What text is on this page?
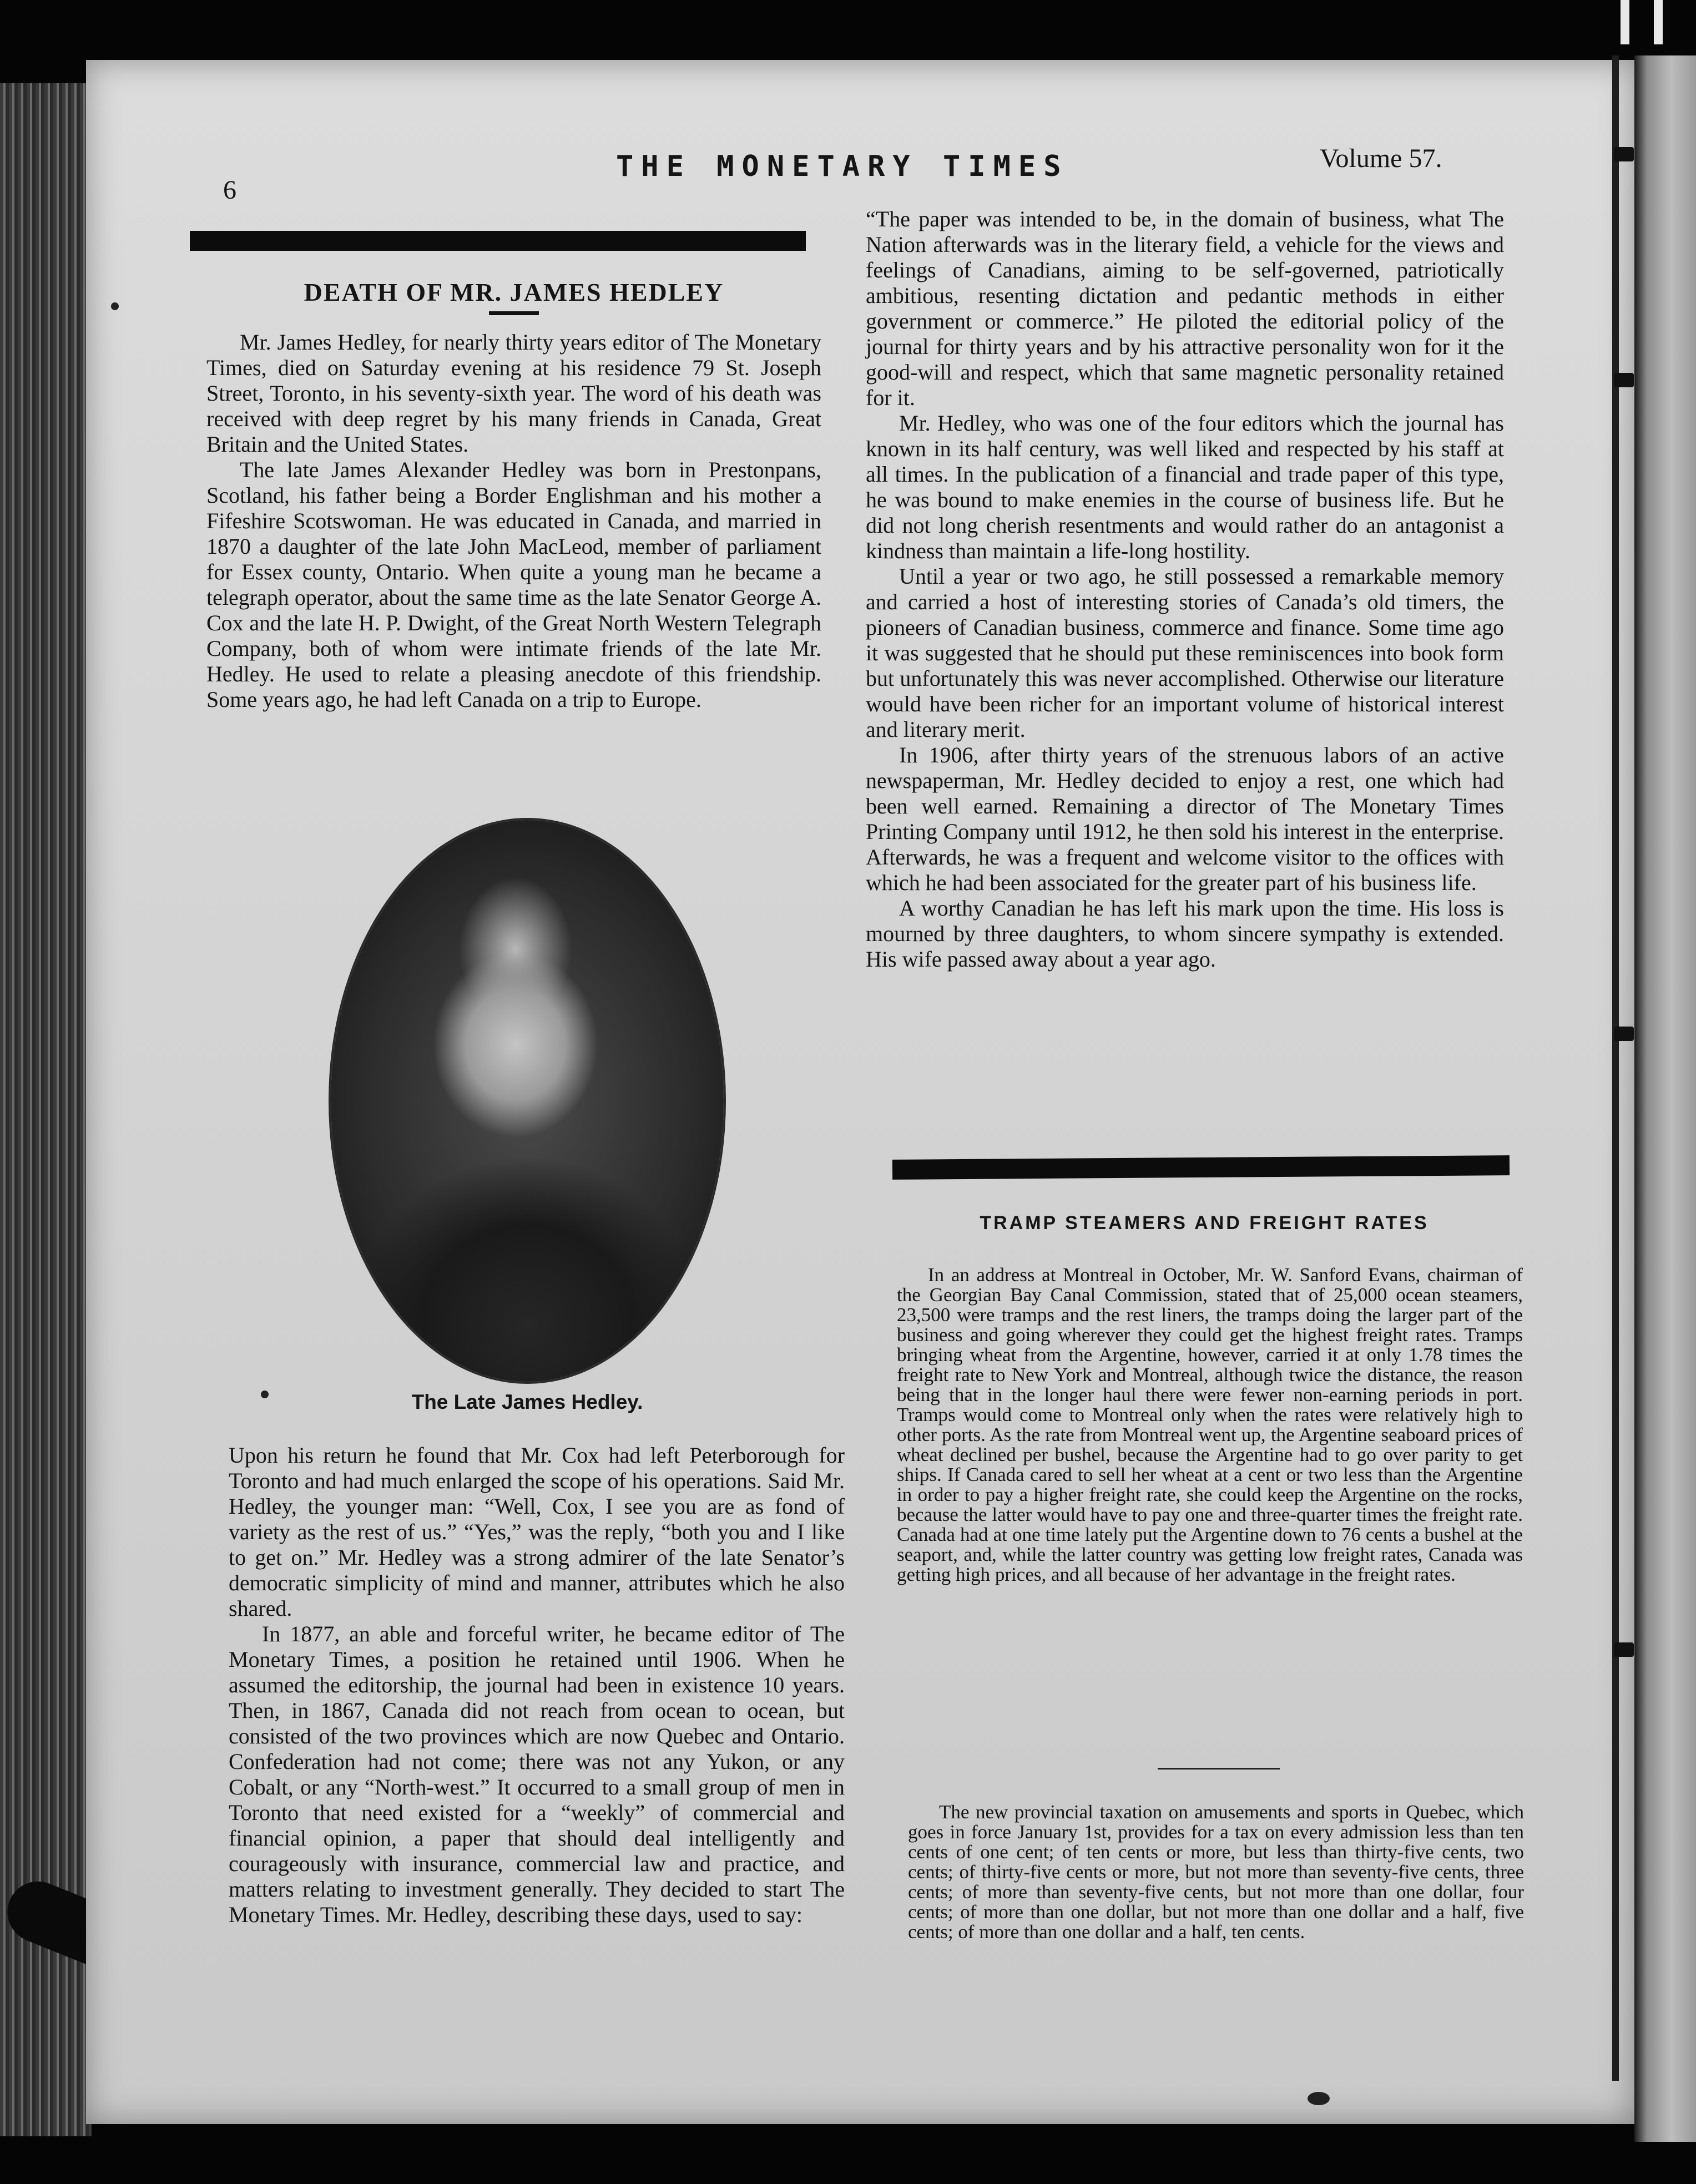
6
THE MONETARY TIMES	Volume 57.
DEATH OF MR. JAMES HEDLEY

Mr. James Hedley, for nearly thirty years editor of The Monetary Times, died on Saturday evening at his residence 79 St. Joseph Street, Toronto, in his seventy-sixth year. The word of his death was received with deep regret by his many friends in Canada, Great Britain and the United States.

The late James Alexander Hedley was born in Prestonpans, Scotland, his father being a Border Englishman and his mother a Fifeshire Scotswoman. He was educated in Canada, and married in 1870 a daughter of the late John MacLeod, member of parliament for Essex county, Ontario. When quite a young man he became a telegraph operator, about the same time as the late Senator George A. Cox and the late H. P. Dwight, of the Great North Western Telegraph Company, both of whom were intimate friends of the late Mr. Hedley. He used to relate a pleasing anecdote of this friendship. Some years ago, he had left Canada on a trip to Europe.

The Late James Hedley.

Upon his return he found that Mr. Cox had left Peterborough for Toronto and had much enlarged the scope of his operations. Said Mr. Hedley, the younger man: “Well, Cox, I see you are as fond of variety as the rest of us.” “Yes,” was the reply, “both you and I like to get on.” Mr. Hedley was a strong admirer of the late Senator’s democratic simplicity of mind and manner, attributes which he also shared.

In 1877, an able and forceful writer, he became editor of The Monetary Times, a position he retained until 1906. When he assumed the editorship, the journal had been in existence 10 years. Then, in 1867, Canada did not reach from ocean to ocean, but consisted of the two provinces which are now Quebec and Ontario. Confederation had not come; there was not any Yukon, or any Cobalt, or any “North-west.” It occurred to a small group of men in Toronto that need existed for a “weekly” of commercial and financial opinion, a paper that should deal intelligently and courageously with insurance, commercial law and practice, and matters relating to investment generally. They decided to start The Monetary Times. Mr. Hedley, describing these days, used to say:

“The paper was intended to be, in the domain of business, what The Nation afterwards was in the literary field, a vehicle for the views and feelings of Canadians, aiming to be self-governed, patriotically ambitious, resenting dictation and pedantic methods in either government or commerce.” He piloted the editorial policy of the journal for thirty years and by his attractive personality won for it the good-will and respect, which that same magnetic personality retained for it.

Mr. Hedley, who was one of the four editors which the journal has known in its half century, was well liked and respected by his staff at all times. In the publication of a financial and trade paper of this type, he was bound to make enemies in the course of business life. But he did not long cherish resentments and would rather do an antagonist a kindness than maintain a life-long hostility.

Until a year or two ago, he still possessed a remarkable memory and carried a host of interesting stories of Canada’s old timers, the pioneers of Canadian business, commerce and finance. Some time ago it was suggested that he should put these reminiscences into book form but unfortunately this was never accomplished. Otherwise our literature would have been richer for an important volume of historical interest and literary merit.

In 1906, after thirty years of the strenuous labors of an active newspaperman, Mr. Hedley decided to enjoy a rest, one which had been well earned. Remaining a director of The Monetary Times Printing Company until 1912, he then sold his interest in the enterprise. Afterwards, he was a frequent and welcome visitor to the offices with which he had been associated for the greater part of his business life.

A worthy Canadian he has left his mark upon the time. His loss is mourned by three daughters, to whom sincere sympathy is extended. His wife passed away about a year ago.

TRAMP STEAMERS AND FREIGHT RATES

In an address at Montreal in October, Mr. W. Sanford Evans, chairman of the Georgian Bay Canal Commission, stated that of 25,000 ocean steamers, 23,500 were tramps and the rest liners, the tramps doing the larger part of the business and going wherever they could get the highest freight rates. Tramps bringing wheat from the Argentine, however, carried it at only 1.78 times the freight rate to New York and Montreal, although twice the distance, the reason being that in the longer haul there were fewer non-earning periods in port. Tramps would come to Montreal only when the rates were relatively high to other ports. As the rate from Montreal went up, the Argentine seaboard prices of wheat declined per bushel, because the Argentine had to go over parity to get ships. If Canada cared to sell her wheat at a cent or two less than the Argentine in order to pay a higher freight rate, she could keep the Argentine on the rocks, because the latter would have to pay one and three-quarter times the freight rate. Canada had at one time lately put the Argentine down to 76 cents a bushel at the seaport, and, while the latter country was getting low freight rates, Canada was getting high prices, and all because of her advantage in the freight rates.

The new provincial taxation on amusements and sports in Quebec, which goes in force January 1st, provides for a tax on every admission less than ten cents of one cent; of ten cents or more, but less than thirty-five cents, two cents; of thirty-five cents or more, but not more than seventy-five cents, three cents; of more than seventy-five cents, but not more than one dollar, four cents; of more than one dollar, but not more than one dollar and a half, five cents; of more than one dollar and a half, ten cents.
